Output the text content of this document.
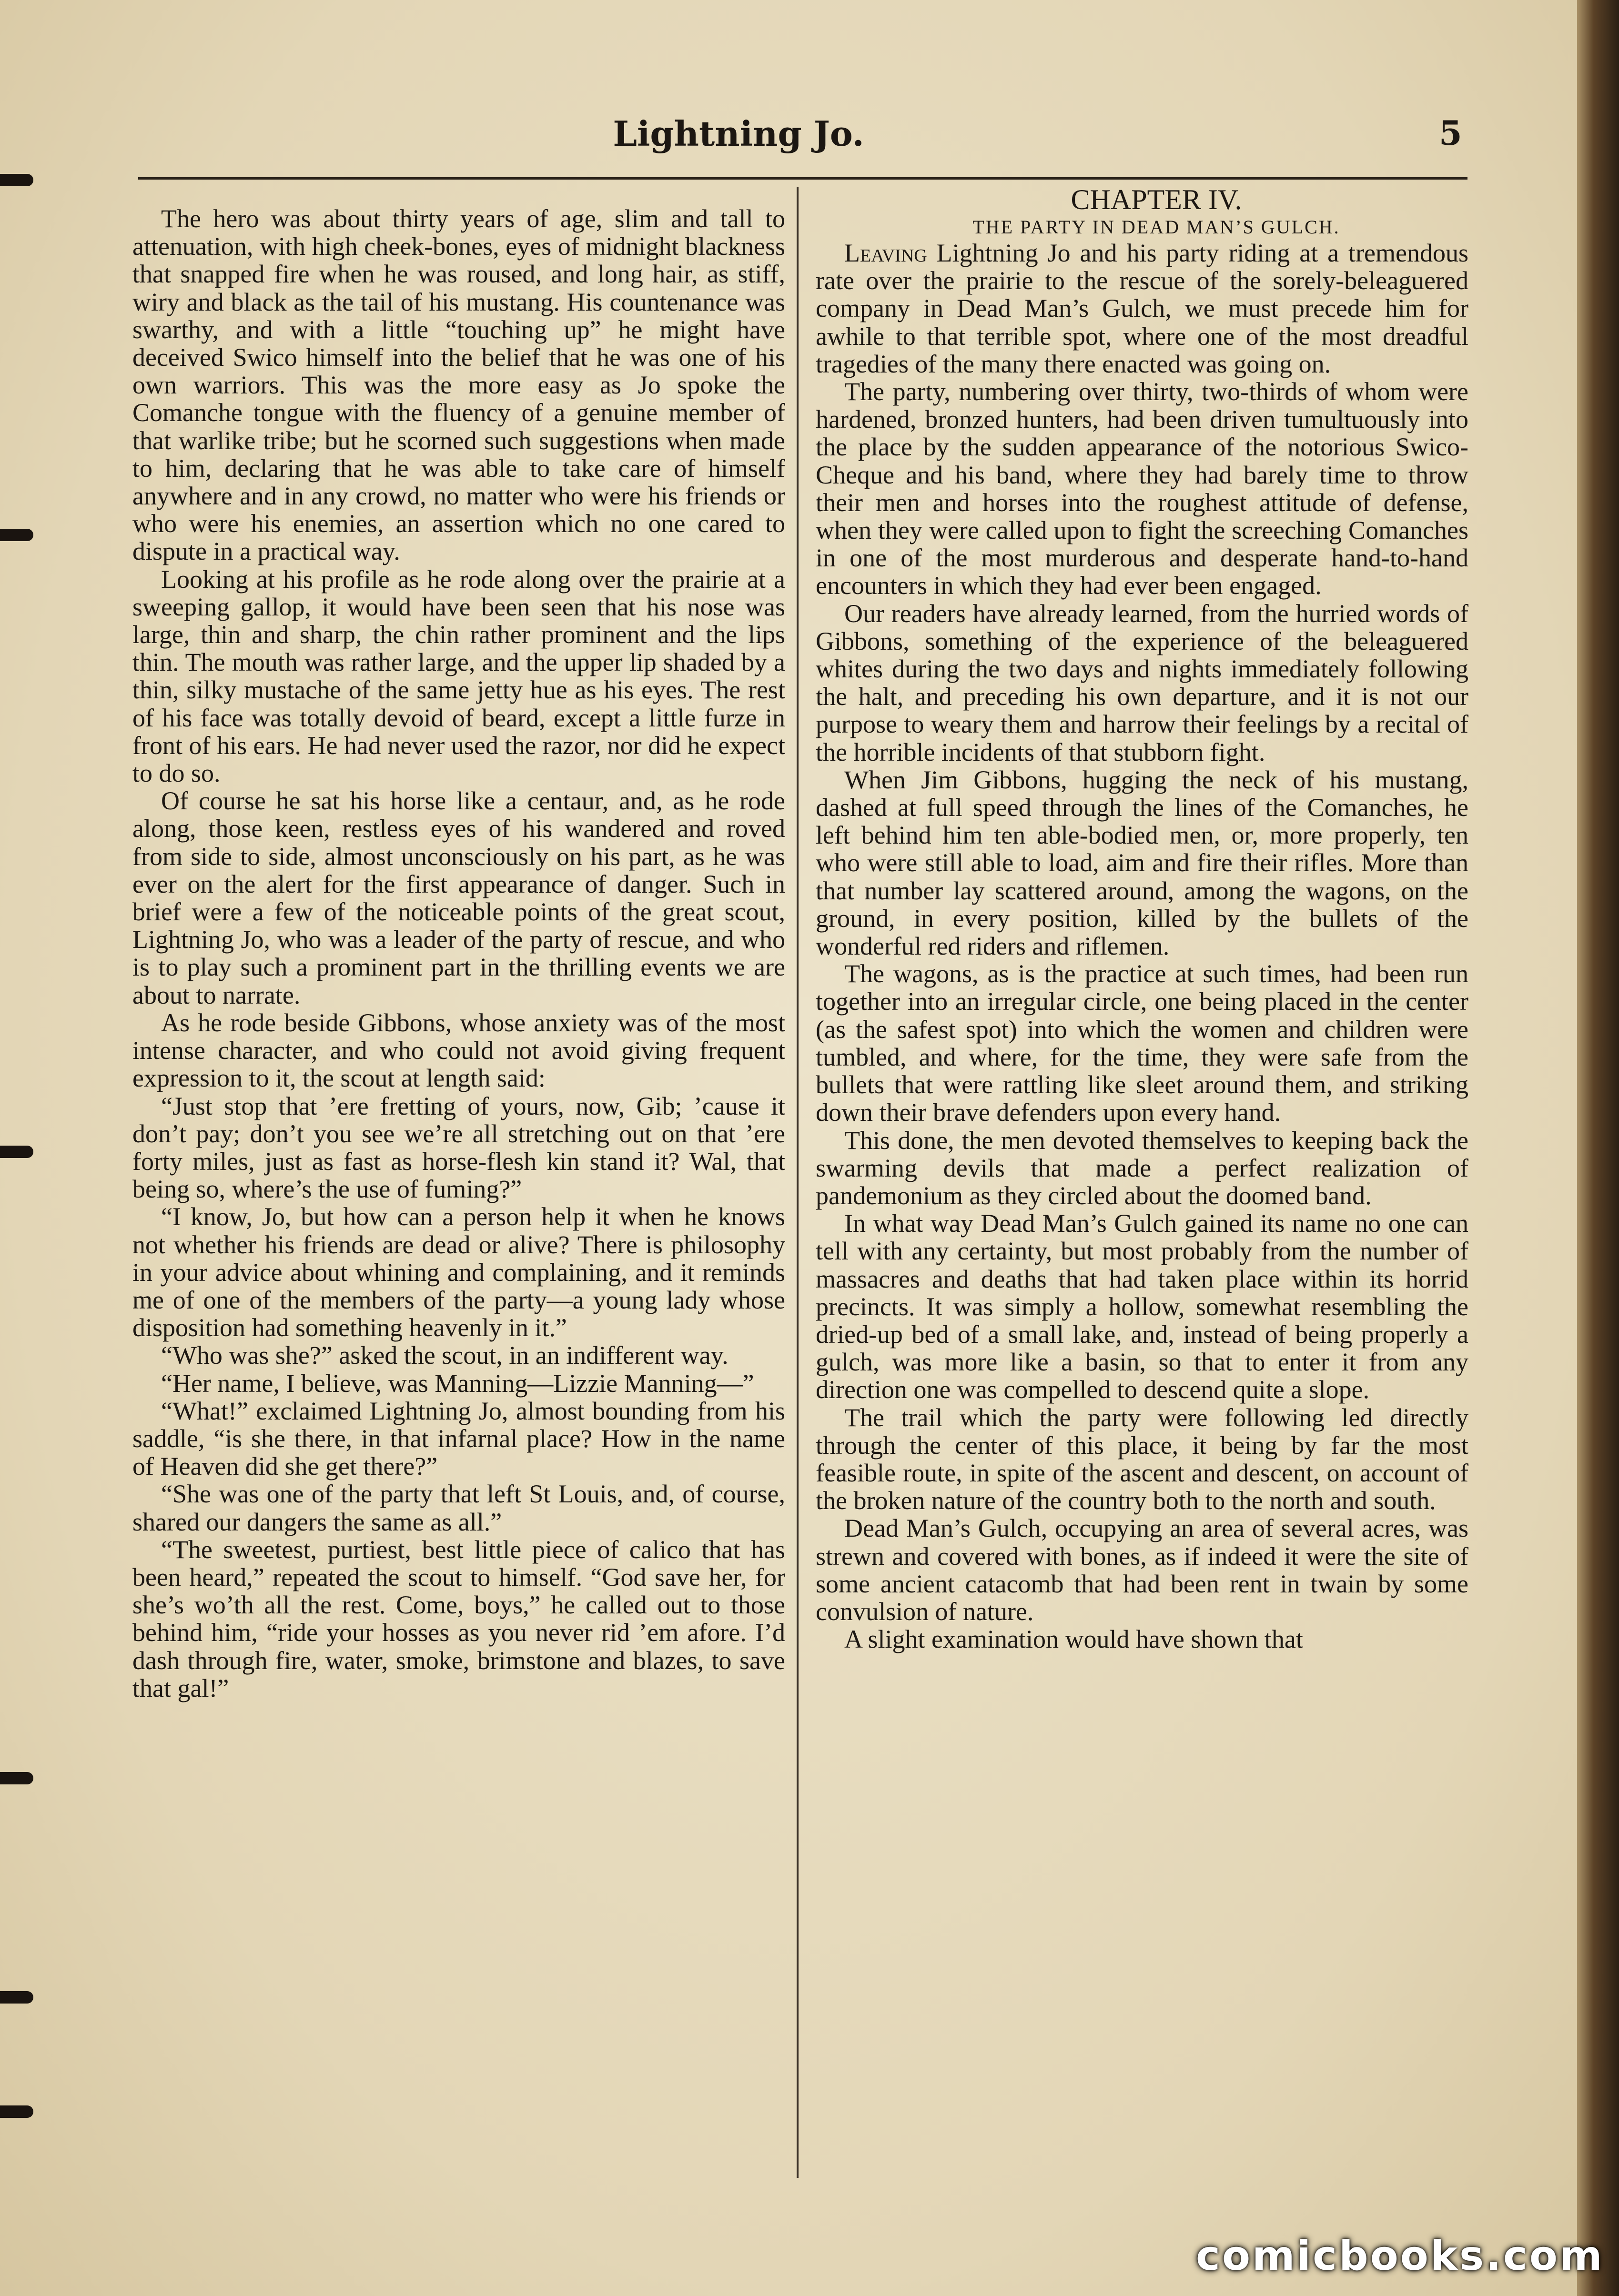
Lightning Jo.	5

The hero was about thirty years of age, slim and tall to attenuation, with high cheek-bones, eyes of midnight blackness that snapped fire when he was roused, and long hair, as stiff, wiry and black as the tail of his mustang. His countenance was swarthy, and with a little “touching up” he might have deceived Swico himself into the belief that he was one of his own warriors. This was the more easy as Jo spoke the Comanche tongue with the fluency of a genuine member of that warlike tribe; but he scorned such suggestions when made to him, declaring that he was able to take care of himself anywhere and in any crowd, no matter who were his friends or who were his enemies, an assertion which no one cared to dispute in a practical way.

Looking at his profile as he rode along over the prairie at a sweeping gallop, it would have been seen that his nose was large, thin and sharp, the chin rather prominent and the lips thin. The mouth was rather large, and the upper lip shaded by a thin, silky mustache of the same jetty hue as his eyes. The rest of his face was totally devoid of beard, except a little furze in front of his ears. He had never used the razor, nor did he expect to do so.

Of course he sat his horse like a centaur, and, as he rode along, those keen, restless eyes of his wandered and roved from side to side, almost unconsciously on his part, as he was ever on the alert for the first appearance of danger. Such in brief were a few of the noticeable points of the great scout, Lightning Jo, who was a leader of the party of rescue, and who is to play such a prominent part in the thrilling events we are about to narrate.

As he rode beside Gibbons, whose anxiety was of the most intense character, and who could not avoid giving frequent expression to it, the scout at length said:

“Just stop that ’ere fretting of yours, now, Gib; ’cause it don’t pay; don’t you see we’re all stretching out on that ’ere forty miles, just as fast as horse-flesh kin stand it? Wal, that being so, where’s the use of fuming?”

“I know, Jo, but how can a person help it when he knows not whether his friends are dead or alive? There is philosophy in your advice about whining and complaining, and it reminds me of one of the members of the party—a young lady whose disposition had something heavenly in it.”

“Who was she?” asked the scout, in an indifferent way.

“Her name, I believe, was Manning—Lizzie Manning—”

“What!” exclaimed Lightning Jo, almost bounding from his saddle, “is she there, in that infarnal place? How in the name of Heaven did she get there?”

“She was one of the party that left St Louis, and, of course, shared our dangers the same as all.”

“The sweetest, purtiest, best little piece of calico that has been heard,” repeated the scout to himself. “God save her, for she’s wo’th all the rest. Come, boys,” he called out to those behind him, “ride your hosses as you never rid ’em afore. I’d dash through fire, water, smoke, brimstone and blazes, to save that gal!”

CHAPTER IV.

THE PARTY IN DEAD MAN’S GULCH.

Leaving Lightning Jo and his party riding at a tremendous rate over the prairie to the rescue of the sorely-beleaguered company in Dead Man’s Gulch, we must precede him for awhile to that terrible spot, where one of the most dreadful tragedies of the many there enacted was going on.

The party, numbering over thirty, two-thirds of whom were hardened, bronzed hunters, had been driven tumultuously into the place by the sudden appearance of the notorious Swico-Cheque and his band, where they had barely time to throw their men and horses into the roughest attitude of defense, when they were called upon to fight the screeching Comanches in one of the most murderous and desperate hand-to-hand encounters in which they had ever been engaged.

Our readers have already learned, from the hurried words of Gibbons, something of the experience of the beleaguered whites during the two days and nights immediately following the halt, and preceding his own departure, and it is not our purpose to weary them and harrow their feelings by a recital of the horrible incidents of that stubborn fight.

When Jim Gibbons, hugging the neck of his mustang, dashed at full speed through the lines of the Comanches, he left behind him ten able-bodied men, or, more properly, ten who were still able to load, aim and fire their rifles. More than that number lay scattered around, among the wagons, on the ground, in every position, killed by the bullets of the wonderful red riders and riflemen.

The wagons, as is the practice at such times, had been run together into an irregular circle, one being placed in the center (as the safest spot) into which the women and children were tumbled, and where, for the time, they were safe from the bullets that were rattling like sleet around them, and striking down their brave defenders upon every hand.

This done, the men devoted themselves to keeping back the swarming devils that made a perfect realization of pandemonium as they circled about the doomed band.

In what way Dead Man’s Gulch gained its name no one can tell with any certainty, but most probably from the number of massacres and deaths that had taken place within its horrid precincts. It was simply a hollow, somewhat resembling the dried-up bed of a small lake, and, instead of being properly a gulch, was more like a basin, so that to enter it from any direction one was compelled to descend quite a slope.

The trail which the party were following led directly through the center of this place, it being by far the most feasible route, in spite of the ascent and descent, on account of the broken nature of the country both to the north and south.

Dead Man’s Gulch, occupying an area of several acres, was strewn and covered with bones, as if indeed it were the site of some ancient catacomb that had been rent in twain by some convulsion of nature.

A slight examination would have shown that

comicbooks.com
